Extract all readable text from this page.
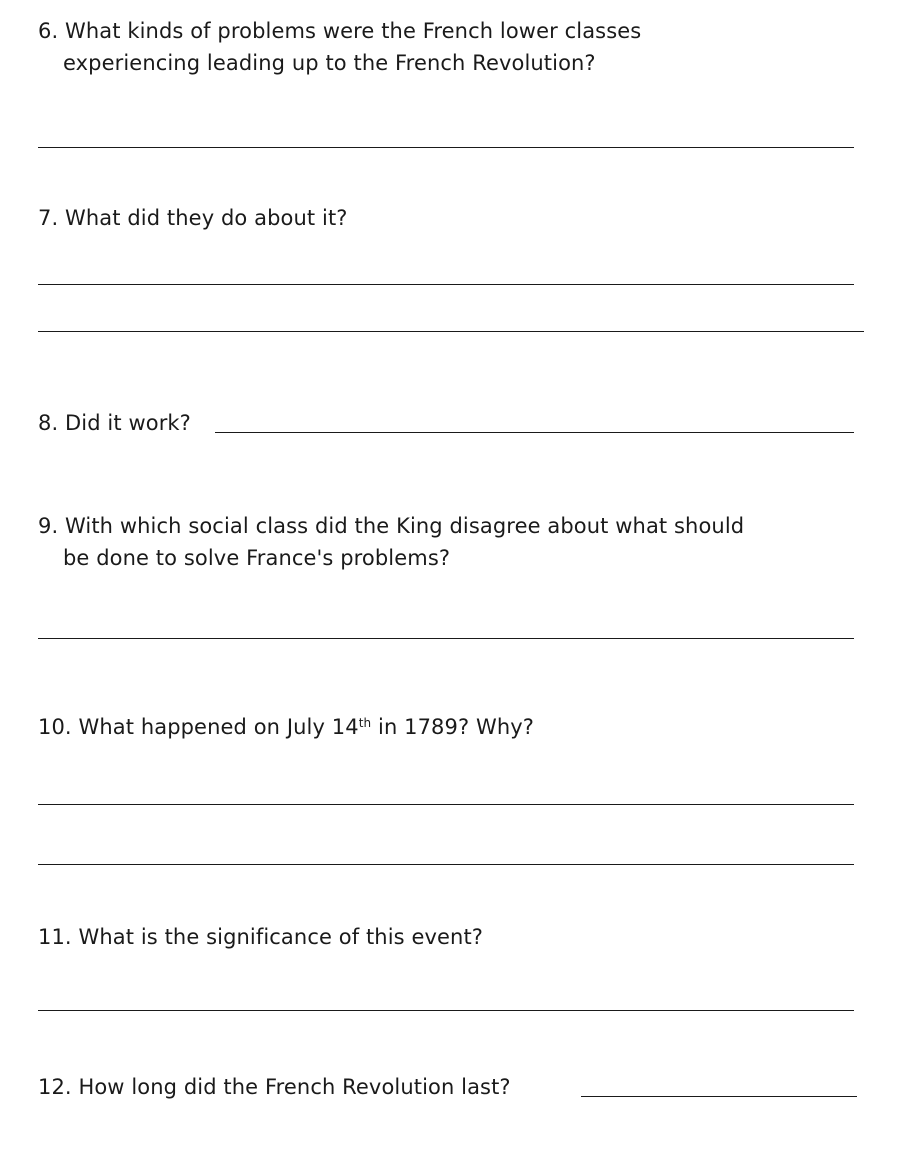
6. What kinds of problems were the French lower classes
experiencing leading up to the French Revolution?
7. What did they do about it?
8. Did it work?
9. With which social class did the King disagree about what should
be done to solve France's problems?
10. What happened on July 14th in 1789? Why?
11. What is the significance of this event?
12. How long did the French Revolution last?
